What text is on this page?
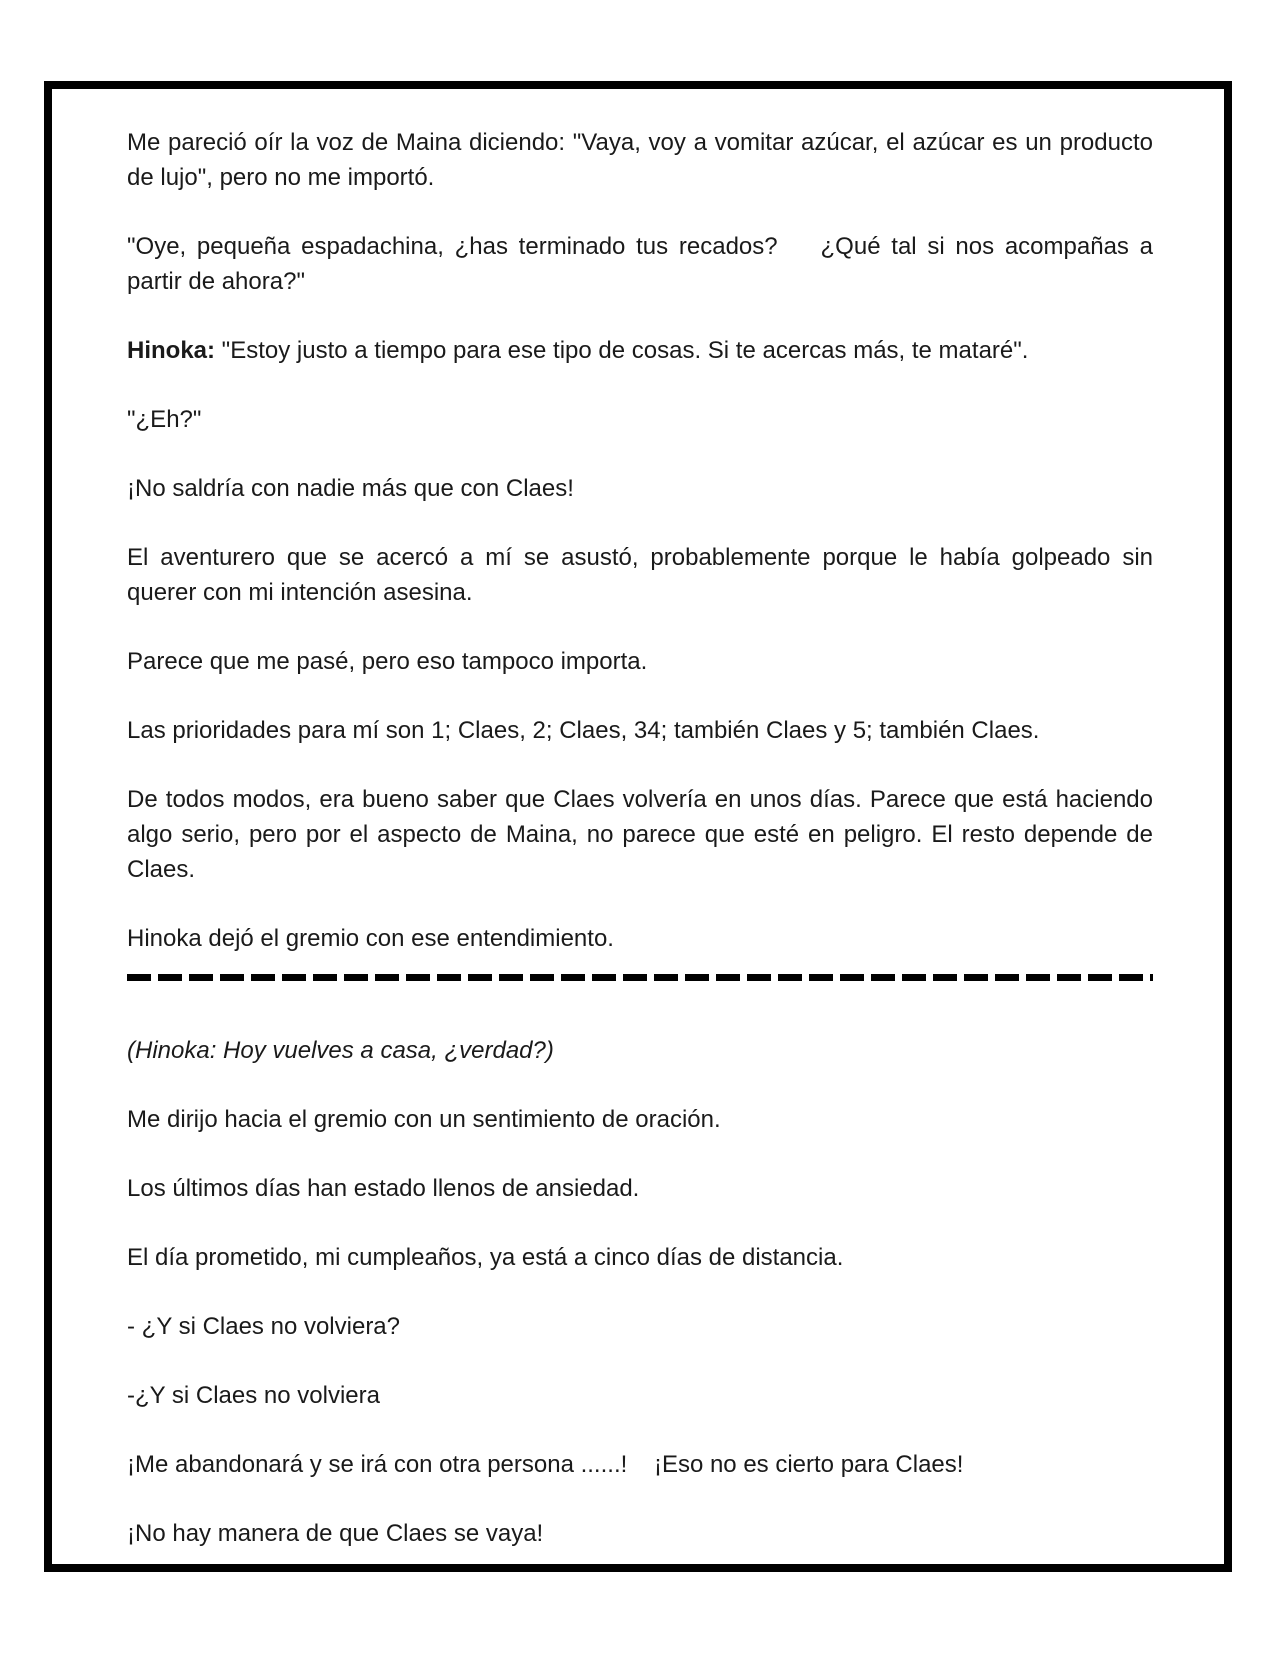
Me pareció oír la voz de Maina diciendo: "Vaya, voy a vomitar azúcar, el azúcar es un producto de lujo", pero no me importó.

"Oye, pequeña espadachina, ¿has terminado tus recados?    ¿Qué tal si nos acompañas a partir de ahora?"

Hinoka: "Estoy justo a tiempo para ese tipo de cosas. Si te acercas más, te mataré".

"¿Eh?"

¡No saldría con nadie más que con Claes!

El aventurero que se acercó a mí se asustó, probablemente porque le había golpeado sin querer con mi intención asesina.

Parece que me pasé, pero eso tampoco importa.

Las prioridades para mí son 1; Claes, 2; Claes, 34; también Claes y 5; también Claes.

De todos modos, era bueno saber que Claes volvería en unos días. Parece que está haciendo algo serio, pero por el aspecto de Maina, no parece que esté en peligro. El resto depende de Claes.

Hinoka dejó el gremio con ese entendimiento.

(Hinoka: Hoy vuelves a casa, ¿verdad?)

Me dirijo hacia el gremio con un sentimiento de oración.

Los últimos días han estado llenos de ansiedad.

El día prometido, mi cumpleaños, ya está a cinco días de distancia.

- ¿Y si Claes no volviera?

-¿Y si Claes no volviera

¡Me abandonará y se irá con otra persona ......!    ¡Eso no es cierto para Claes!

¡No hay manera de que Claes se vaya!
